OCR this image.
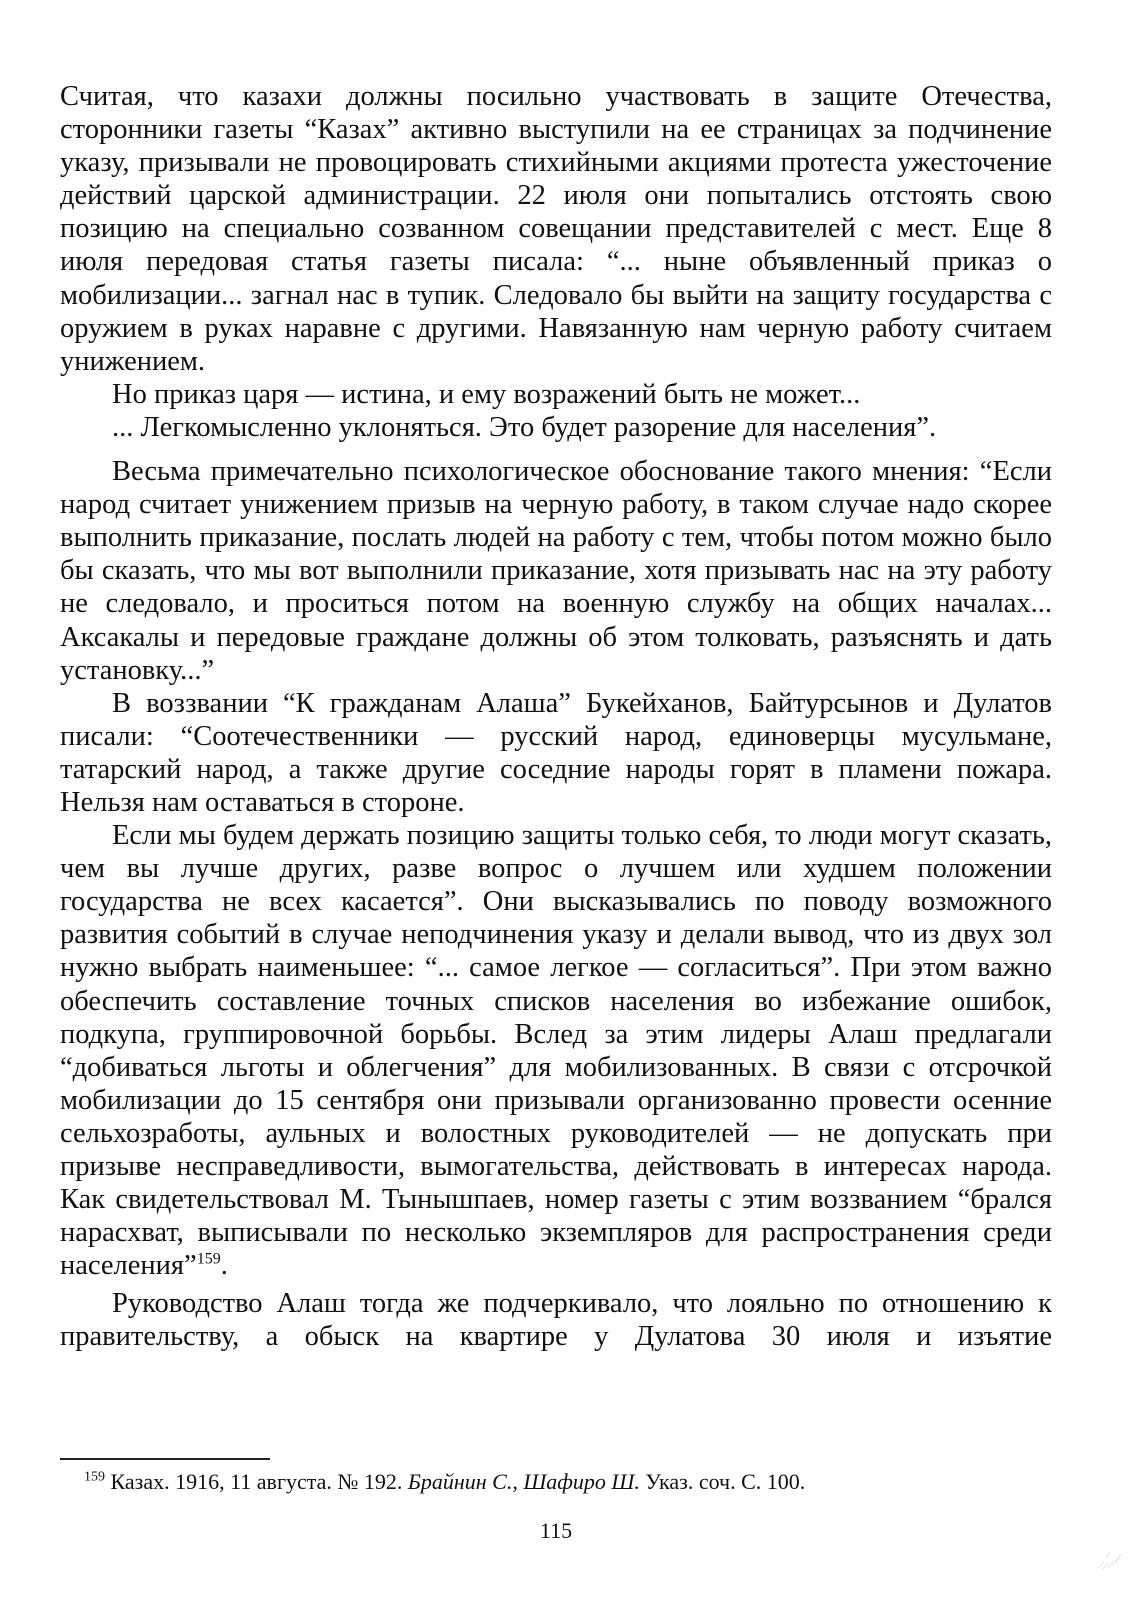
Считая, что казахи должны посильно участвовать в защите Отечества, сторонники газеты “Казах” активно выступили на ее страницах за подчинение указу, призывали не провоцировать стихийными акциями протеста ужесточение действий царской администрации. 22 июля они попытались отстоять свою позицию на специально созванном совещании представителей с мест. Еще 8 июля передовая статья газеты писала: “... ныне объявленный приказ о мобилизации... загнал нас в тупик. Следовало бы выйти на защиту государства с оружием в руках наравне с другими. Навязанную нам черную работу считаем унижением.

Но приказ царя — истина, и ему возражений быть не может...

... Легкомысленно уклоняться. Это будет разорение для населения”.

Весьма примечательно психологическое обоснование такого мнения: “Если народ считает унижением призыв на черную работу, в таком случае надо скорее выполнить приказание, послать людей на работу с тем, чтобы потом можно было бы сказать, что мы вот выполнили приказание, хотя призывать нас на эту работу не следовало, и проситься потом на военную службу на общих началах... Аксакалы и передовые граждане должны об этом толковать, разъяснять и дать установку...”

В воззвании “К гражданам Алаша” Букейханов, Байтурсынов и Дулатов писали: “Соотечественники — русский народ, единоверцы мусульмане, татарский народ, а также другие соседние народы горят в пламени пожара. Нельзя нам оставаться в стороне.

Если мы будем держать позицию защиты только себя, то люди могут сказать, чем вы лучше других, разве вопрос о лучшем или худшем положении государства не всех касается”. Они высказывались по поводу возможного развития событий в случае неподчинения указу и делали вывод, что из двух зол нужно выбрать наименьшее: “... самое легкое — согласиться”. При этом важно обеспечить составление точных списков населения во избежание ошибок, подкупа, группировочной борьбы. Вслед за этим лидеры Алаш предлагали “добиваться льготы и облегчения” для мобилизованных. В связи с отсрочкой мобилизации до 15 сентября они призывали организованно провести осенние сельхозработы, аульных и волостных руководителей — не допускать при призыве несправедливости, вымогательства, действовать в интересах народа. Как свидетельствовал М. Тынышпаев, номер газеты с этим воззванием “брался нарасхват, выписывали по несколько экземпляров для распространения среди населения”$^{159}$.

Руководство Алаш тогда же подчеркивало, что лояльно по отношению к правительству, а обыск на квартире у Дулатова 30 июля и изъятие

$^{159}$ Казах. 1916, 11 августа. № 192. Брайнин С., Шафиро Ш. Указ. соч. С. 100.
115
